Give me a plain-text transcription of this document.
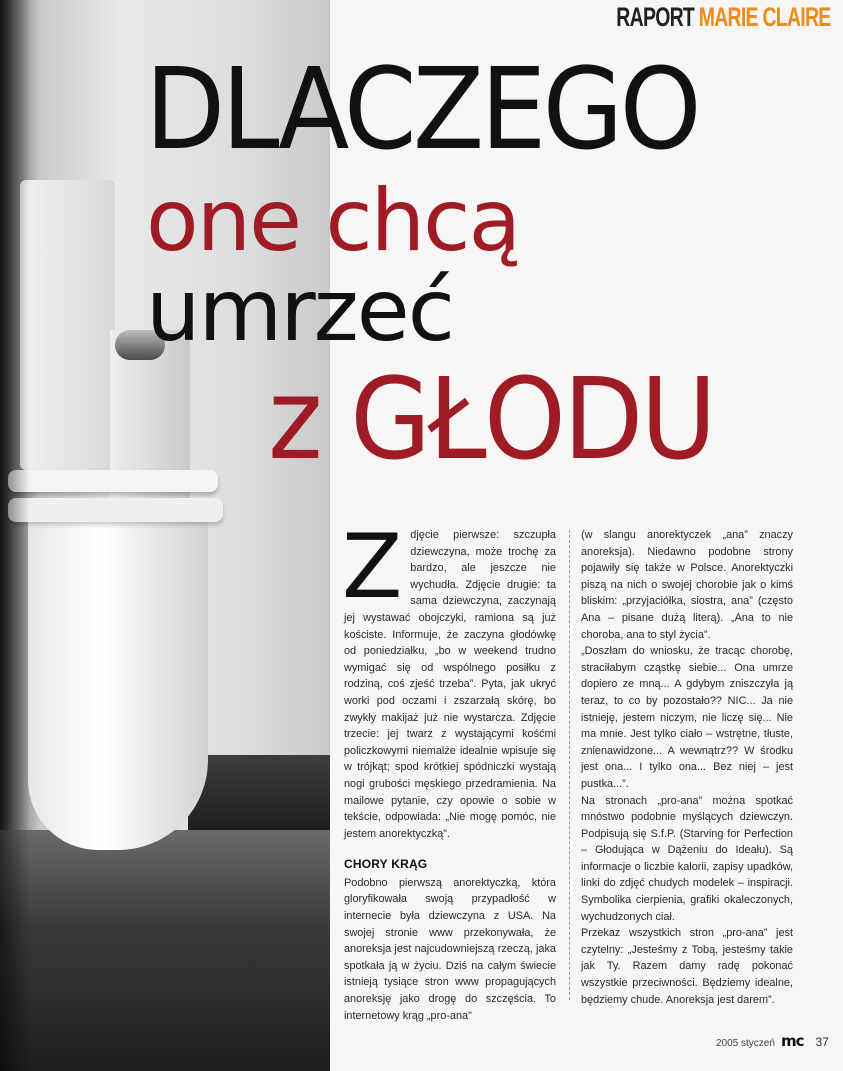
RAPORT MARIE CLAIRE
DLACZEGO
one chcą
umrzeć
z GŁODU

Zdjęcie pierwsze: szczupła dziewczyna, może trochę za bardzo, ale jeszcze nie wychudła. Zdjęcie drugie: ta sama dziewczyna, zaczynają jej wystawać obojczyki, ramiona są już kościste. Informuje, że zaczyna głodówkę od poniedziałku, „bo w weekend trudno wymigać się od wspólnego posiłku z rodziną, coś zjeść trzeba”. Pyta, jak ukryć worki pod oczami i zszarzałą skórę, bo zwykły makijaż już nie wystarcza. Zdjęcie trzecie: jej twarz z wystającymi kośćmi policzkowymi niemalże idealnie wpisuje się w trójkąt; spod krótkiej spódniczki wystają nogi grubości męskiego przedramienia. Na mailowe pytanie, czy opowie o sobie w tekście, odpowiada: „Nie mogę pomóc, nie jestem anorektyczką”.

CHORY KRĄG

Podobno pierwszą anorektyczką, która gloryfikowała swoją przypadłość w internecie była dziewczyna z USA. Na swojej stronie www przekonywała, że anoreksja jest najcudowniejszą rzeczą, jaka spotkała ją w życiu. Dziś na całym świecie istnieją tysiące stron www propagujących anoreksję jako drogę do szczęścia. To internetowy krąg „pro-ana”

(w slangu anorektyczek „ana” znaczy anoreksja). Niedawno podobne strony pojawiły się także w Polsce. Anorektyczki piszą na nich o swojej chorobie jak o kimś bliskim: „przyjaciółka, siostra, ana” (często Ana – pisane dużą literą). „Ana to nie choroba, ana to styl życia”.

„Doszłam do wniosku, że tracąc chorobę, straciłabym cząstkę siebie... Ona umrze dopiero ze mną... A gdybym zniszczyła ją teraz, to co by pozostało?? NIC... Ja nie istnieję, jestem niczym, nie liczę się... Nie ma mnie. Jest tylko ciało – wstrętne, tłuste, znienawidzone... A wewnątrz?? W środku jest ona... I tylko ona... Bez niej – jest pustka...”.

Na stronach „pro-ana” można spotkać mnóstwo podobnie myślących dziewczyn. Podpisują się S.f.P. (Starving for Perfection – Głodująca w Dążeniu do Ideału). Są informacje o liczbie kalorii, zapisy upadków, linki do zdjęć chudych modelek – inspiracji. Symbolika cierpienia, grafiki okaleczonych, wychudzonych ciał.

Przekaz wszystkich stron „pro-ana” jest czytelny: „Jesteśmy z Tobą, jesteśmy takie jak Ty. Razem damy radę pokonać wszystkie przeciwności. Będziemy idealne, będziemy chude. Anoreksja jest darem”.

2005 styczeń mc 37
